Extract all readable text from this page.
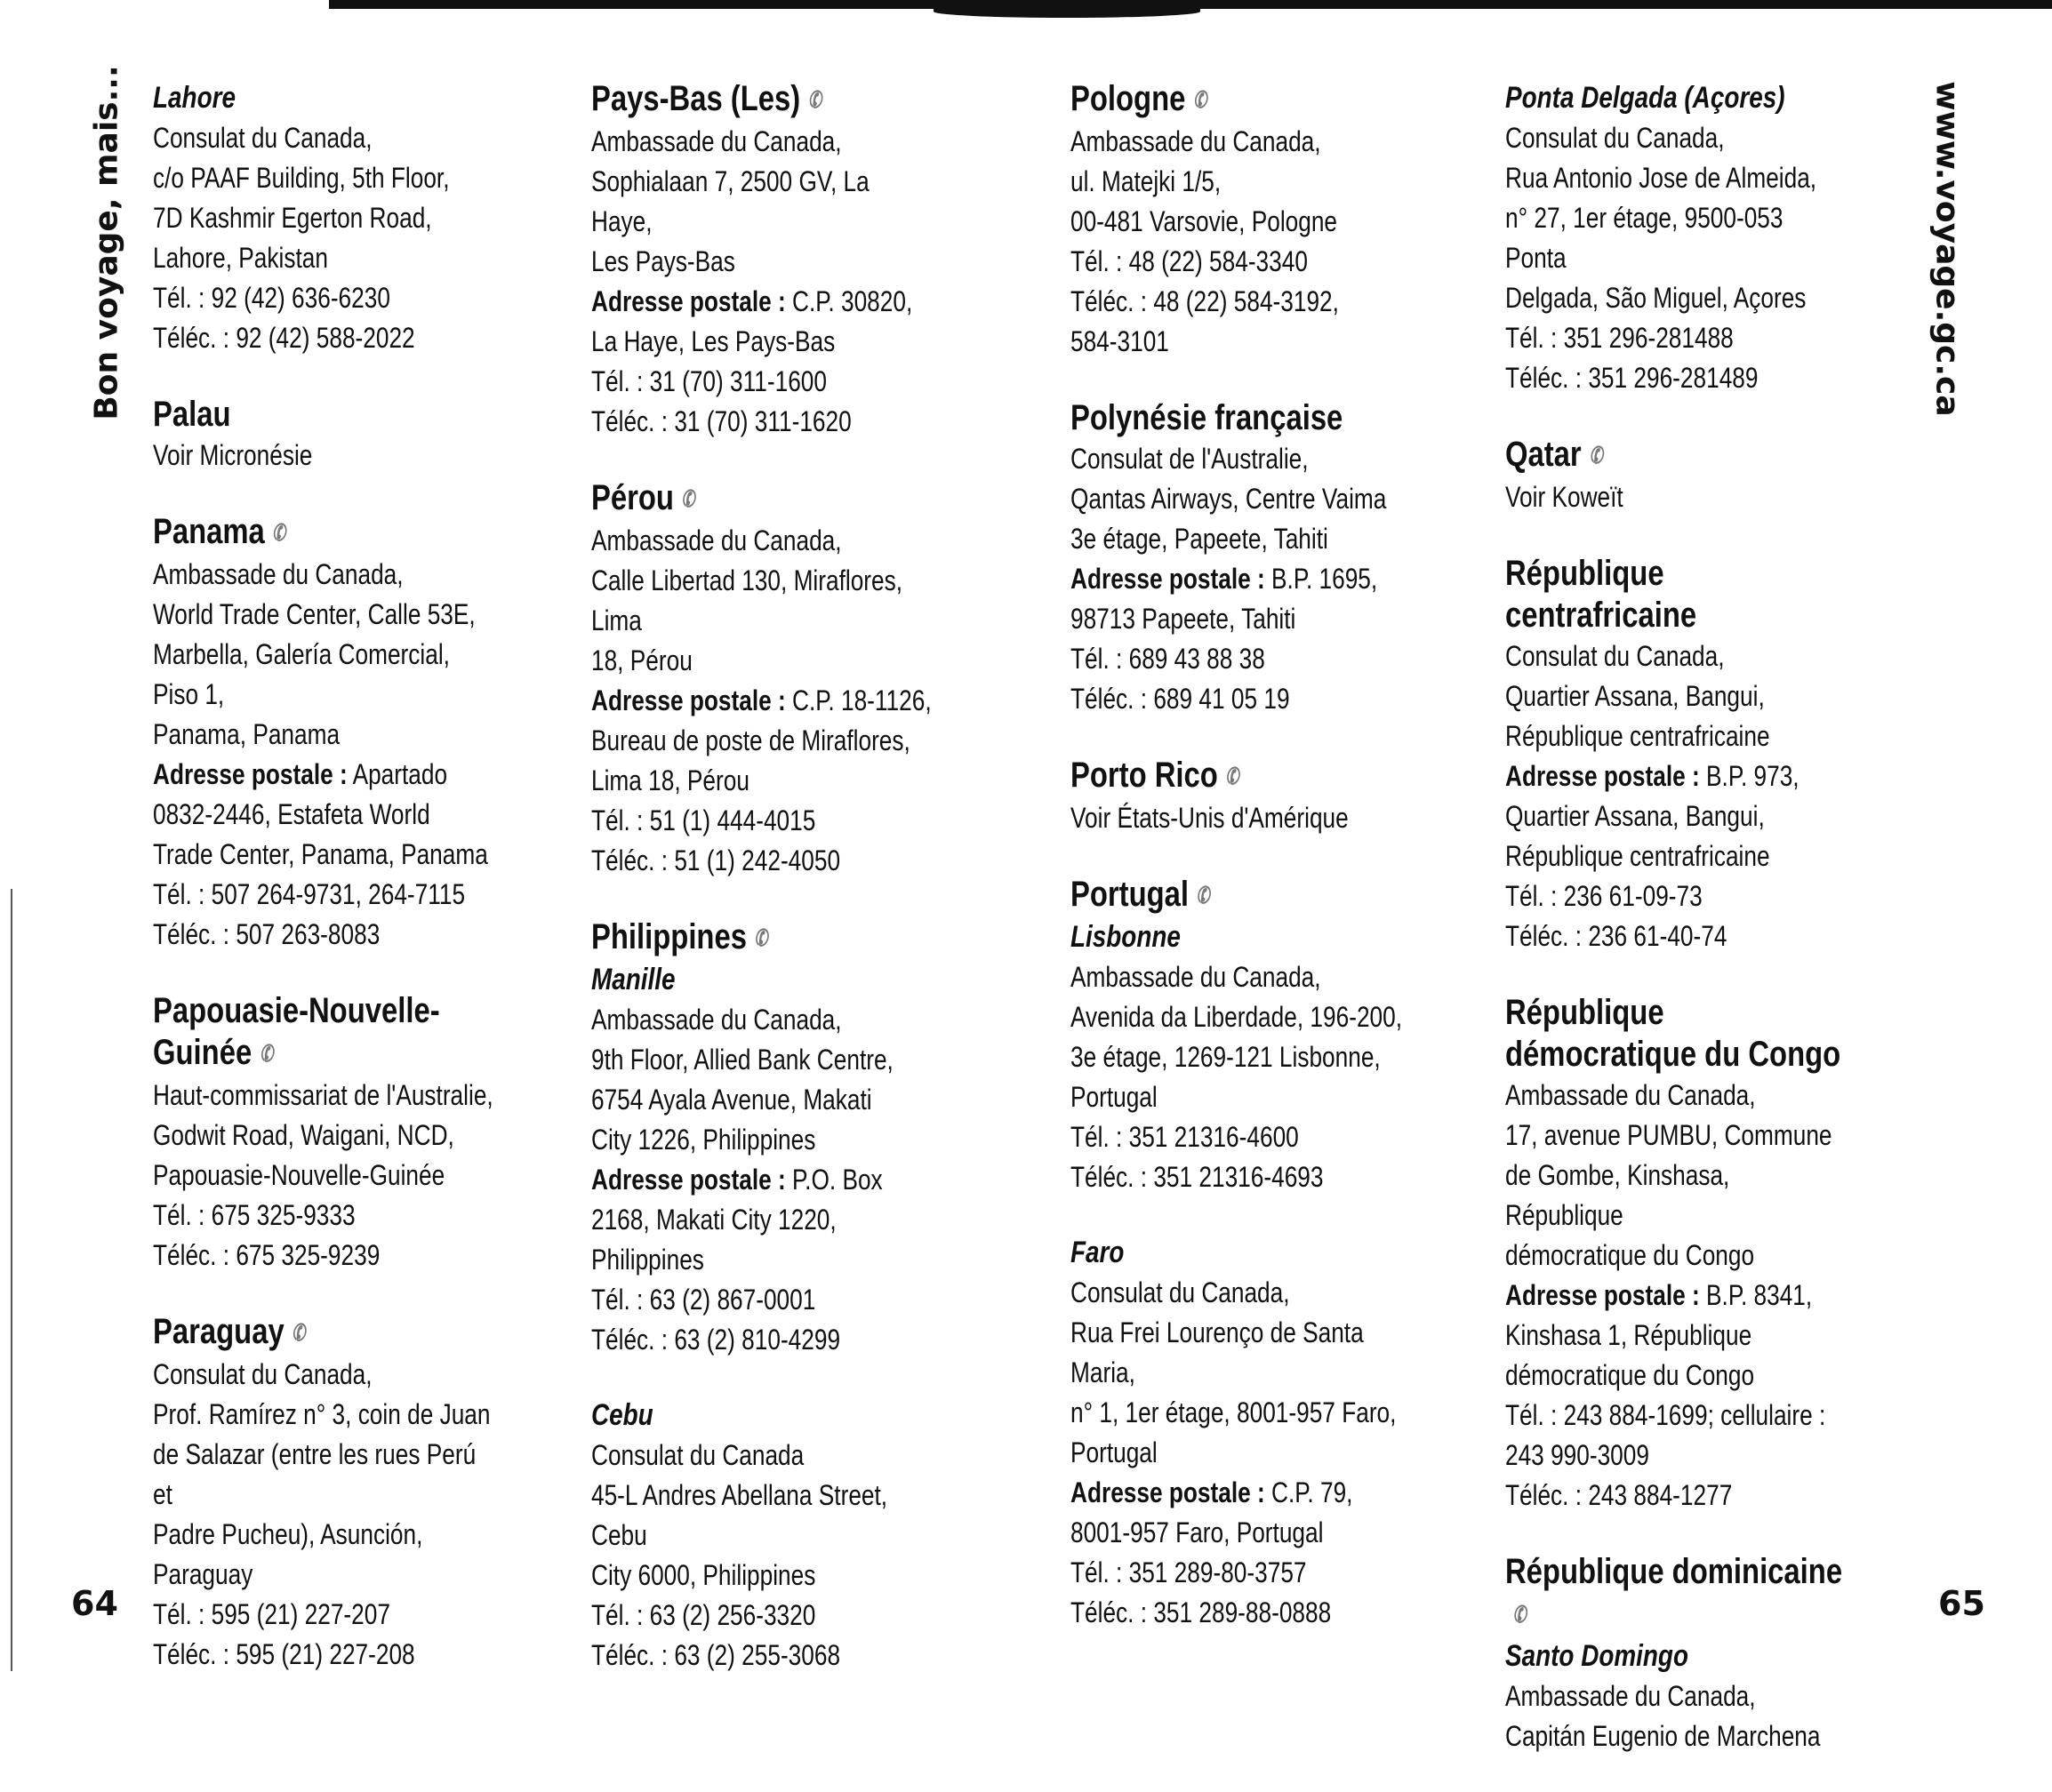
Bon voyage, mais...	www.voyage.gc.ca
Lahore
Consulat du Canada,
c/o PAAF Building, 5th Floor,
7D Kashmir Egerton Road,
Lahore, Pakistan
Tél. : 92 (42) 636-6230
Téléc. : 92 (42) 588-2022
Palau
Voir Micronésie
Panama ✆
Ambassade du Canada,
World Trade Center, Calle 53E,
Marbella, Galería Comercial, Piso 1,
Panama, Panama
Adresse postale : Apartado 0832-2446, Estafeta World Trade Center, Panama, Panama
Tél. : 507 264-9731, 264-7115
Téléc. : 507 263-8083
Papouasie-Nouvelle-Guinée ✆
Haut-commissariat de l'Australie,
Godwit Road, Waigani, NCD,
Papouasie-Nouvelle-Guinée
Tél. : 675 325-9333
Téléc. : 675 325-9239
Paraguay ✆
Consulat du Canada,
Prof. Ramírez n° 3, coin de Juan
de Salazar (entre les rues Perú et
Padre Pucheu), Asunción, Paraguay
Tél. : 595 (21) 227-207
Téléc. : 595 (21) 227-208
Pays-Bas (Les) ✆
Ambassade du Canada,
Sophialaan 7, 2500 GV, La Haye,
Les Pays-Bas
Adresse postale : C.P. 30820, La Haye, Les Pays-Bas
Tél. : 31 (70) 311-1600
Téléc. : 31 (70) 311-1620
Pérou ✆
Ambassade du Canada,
Calle Libertad 130, Miraflores, Lima
18, Pérou
Adresse postale : C.P. 18-1126, Bureau de poste de Miraflores, Lima 18, Pérou
Tél. : 51 (1) 444-4015
Téléc. : 51 (1) 242-4050
Philippines ✆
Manille
Ambassade du Canada,
9th Floor, Allied Bank Centre,
6754 Ayala Avenue, Makati
City 1226, Philippines
Adresse postale : P.O. Box 2168, Makati City 1220, Philippines
Tél. : 63 (2) 867-0001
Téléc. : 63 (2) 810-4299
Cebu
Consulat du Canada
45-L Andres Abellana Street, Cebu
City 6000, Philippines
Tél. : 63 (2) 256-3320
Téléc. : 63 (2) 255-3068
Pologne ✆
Ambassade du Canada,
ul. Matejki 1/5,
00-481 Varsovie, Pologne
Tél. : 48 (22) 584-3340
Téléc. : 48 (22) 584-3192,
584-3101
Polynésie française
Consulat de l'Australie,
Qantas Airways, Centre Vaima
3e étage, Papeete, Tahiti
Adresse postale : B.P. 1695, 98713 Papeete, Tahiti
Tél. : 689 43 88 38
Téléc. : 689 41 05 19
Porto Rico ✆
Voir États-Unis d'Amérique
Portugal ✆
Lisbonne
Ambassade du Canada,
Avenida da Liberdade, 196-200,
3e étage, 1269-121 Lisbonne,
Portugal
Tél. : 351 21316-4600
Téléc. : 351 21316-4693
Faro
Consulat du Canada,
Rua Frei Lourenço de Santa Maria,
n° 1, 1er étage, 8001-957 Faro,
Portugal
Adresse postale : C.P. 79, 8001-957 Faro, Portugal
Tél. : 351 289-80-3757
Téléc. : 351 289-88-0888
Ponta Delgada (Açores)
Consulat du Canada,
Rua Antonio Jose de Almeida,
n° 27, 1er étage, 9500-053 Ponta
Delgada, São Miguel, Açores
Tél. : 351 296-281488
Téléc. : 351 296-281489
Qatar ✆
Voir Koweït
République centrafricaine
Consulat du Canada,
Quartier Assana, Bangui,
République centrafricaine
Adresse postale : B.P. 973, Quartier Assana, Bangui, République centrafricaine
Tél. : 236 61-09-73
Téléc. : 236 61-40-74
République démocratique du Congo
Ambassade du Canada,
17, avenue PUMBU, Commune
de Gombe, Kinshasa, République
démocratique du Congo
Adresse postale : B.P. 8341, Kinshasa 1, République démocratique du Congo
Tél. : 243 884-1699; cellulaire : 243 990-3009
Téléc. : 243 884-1277
République dominicaine✆
Santo Domingo
Ambassade du Canada,
Capitán Eugenio de Marchena
64	65
